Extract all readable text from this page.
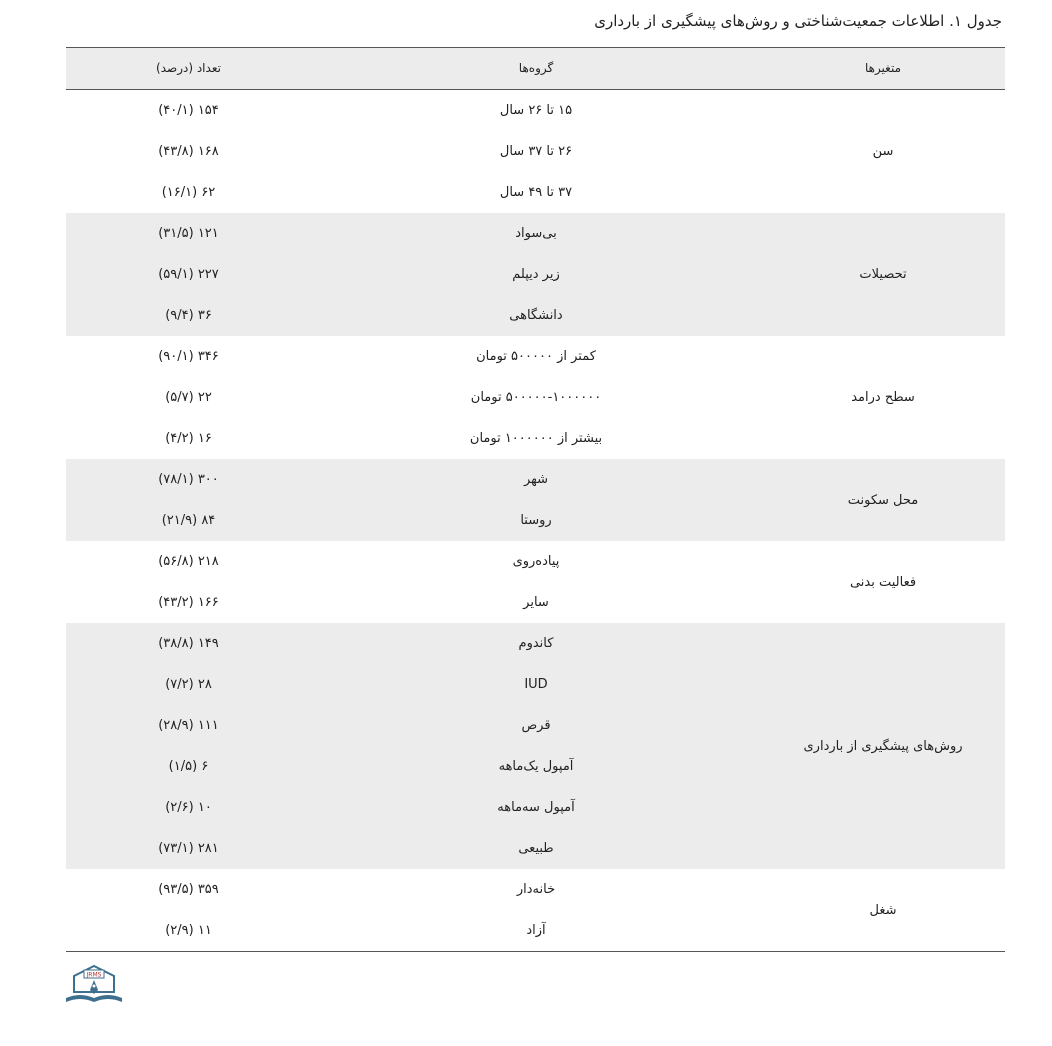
جدول ۱. اطلاعات جمعیت‌شناختی و روش‌های پیشگیری از بارداری
تعداد (درصد)	گروه‌ها	متغیرها
سن
۱۵۴ (۴۰/۱)	۱۵ تا ۲۶ سال
۱۶۸ (۴۳/۸)	۲۶ تا ۳۷ سال
۶۲ (۱۶/۱)	۳۷ تا ۴۹ سال
تحصیلات
۱۲۱ (۳۱/۵)	بی‌سواد
۲۲۷ (۵۹/۱)	زیر دیپلم
۳۶ (۹/۴)	دانشگاهی
سطح درامد
۳۴۶ (۹۰/۱)	کمتر از ۵۰۰۰۰۰ تومان
۲۲ (۵/۷)	۵۰۰۰۰۰-۱۰۰۰۰۰۰ تومان
۱۶ (۴/۲)	بیشتر از ۱۰۰۰۰۰۰ تومان
محل سکونت
۳۰۰ (۷۸/۱)	شهر
۸۴ (۲۱/۹)	روستا
فعالیت بدنی
۲۱۸ (۵۶/۸)	پیاده‌روی
۱۶۶ (۴۳/۲)	سایر
روش‌های پیشگیری از بارداری
۱۴۹ (۳۸/۸)	کاندوم
۲۸ (۷/۲)	IUD
۱۱۱ (۲۸/۹)	قرص
۶ (۱/۵)	آمپول یک‌ماهه
۱۰ (۲/۶)	آمپول سه‌ماهه
۲۸۱ (۷۳/۱)	طبیعی
شغل
۳۵۹ (۹۳/۵)	خانه‌دار
۱۱ (۲/۹)	آزاد
JRMS
